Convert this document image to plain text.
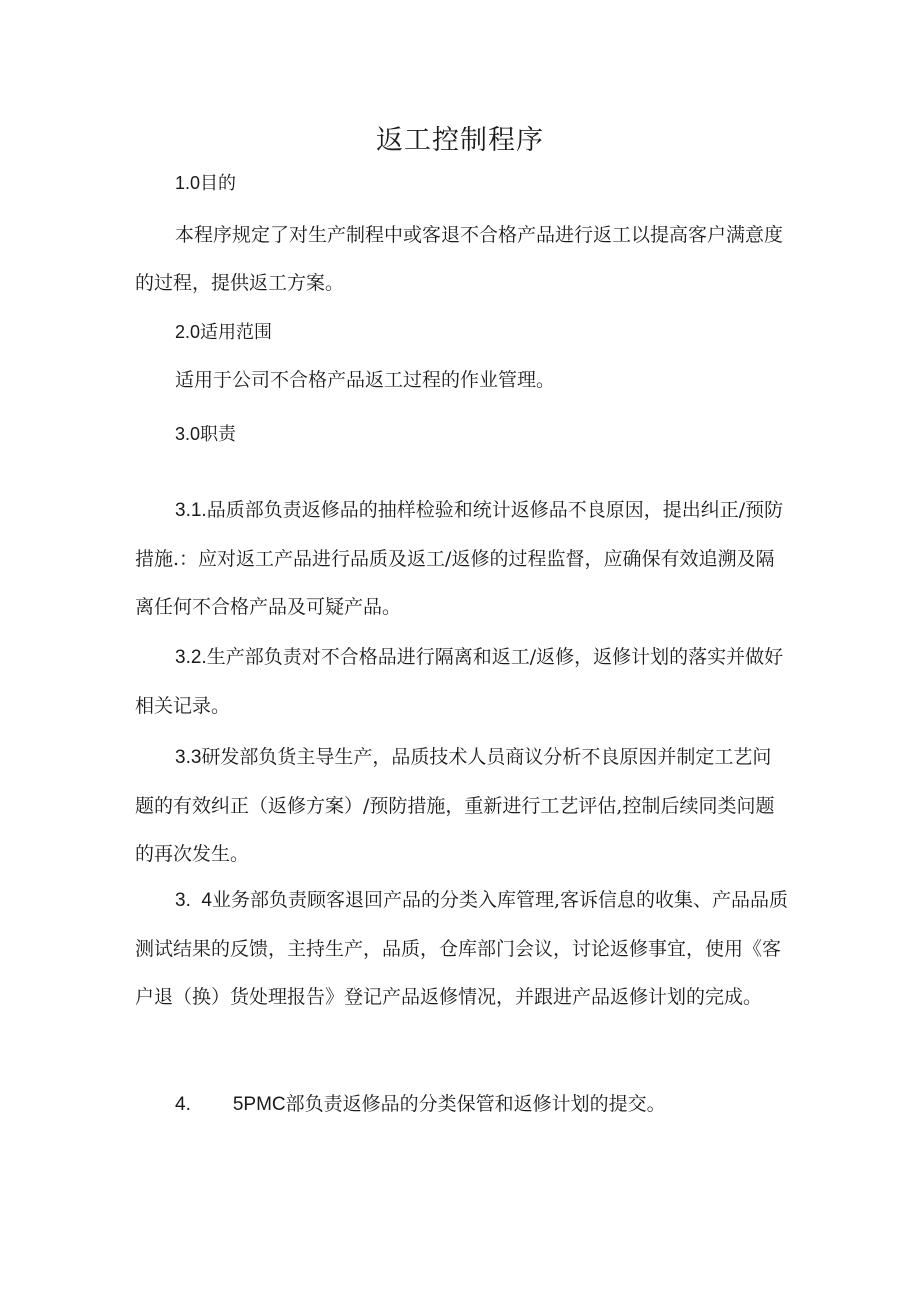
返工控制程序

1.0目的

本程序规定了对生产制程中或客退不合格产品进行返工以提高客户满意度的过程，提供返工方案。

2.0适用范围

适用于公司不合格产品返工过程的作业管理。

3.0职责

3.1.品质部负责返修品的抽样检验和统计返修品不良原因，提出纠正/预防措施.：应对返工产品进行品质及返工/返修的过程监督，应确保有效追溯及隔离任何不合格产品及可疑产品。

3.2.生产部负责对不合格品进行隔离和返工/返修，返修计划的落实并做好相关记录。

3.3研发部负货主导生产，品质技术人员商议分析不良原因并制定工艺问题的有效纠正（返修方案）/预防措施，重新进行工艺评估,控制后续同类问题的再次发生。

3.  4业务部负责顾客退回产品的分类入库管理,客诉信息的收集、产品品质测试结果的反馈，主持生产，品质，仓库部门会议，讨论返修事宜，使用《客户退（换）货处理报告》登记产品返修情况，并跟进产品返修计划的完成。

4. 5PMC部负责返修品的分类保管和返修计划的提交。
